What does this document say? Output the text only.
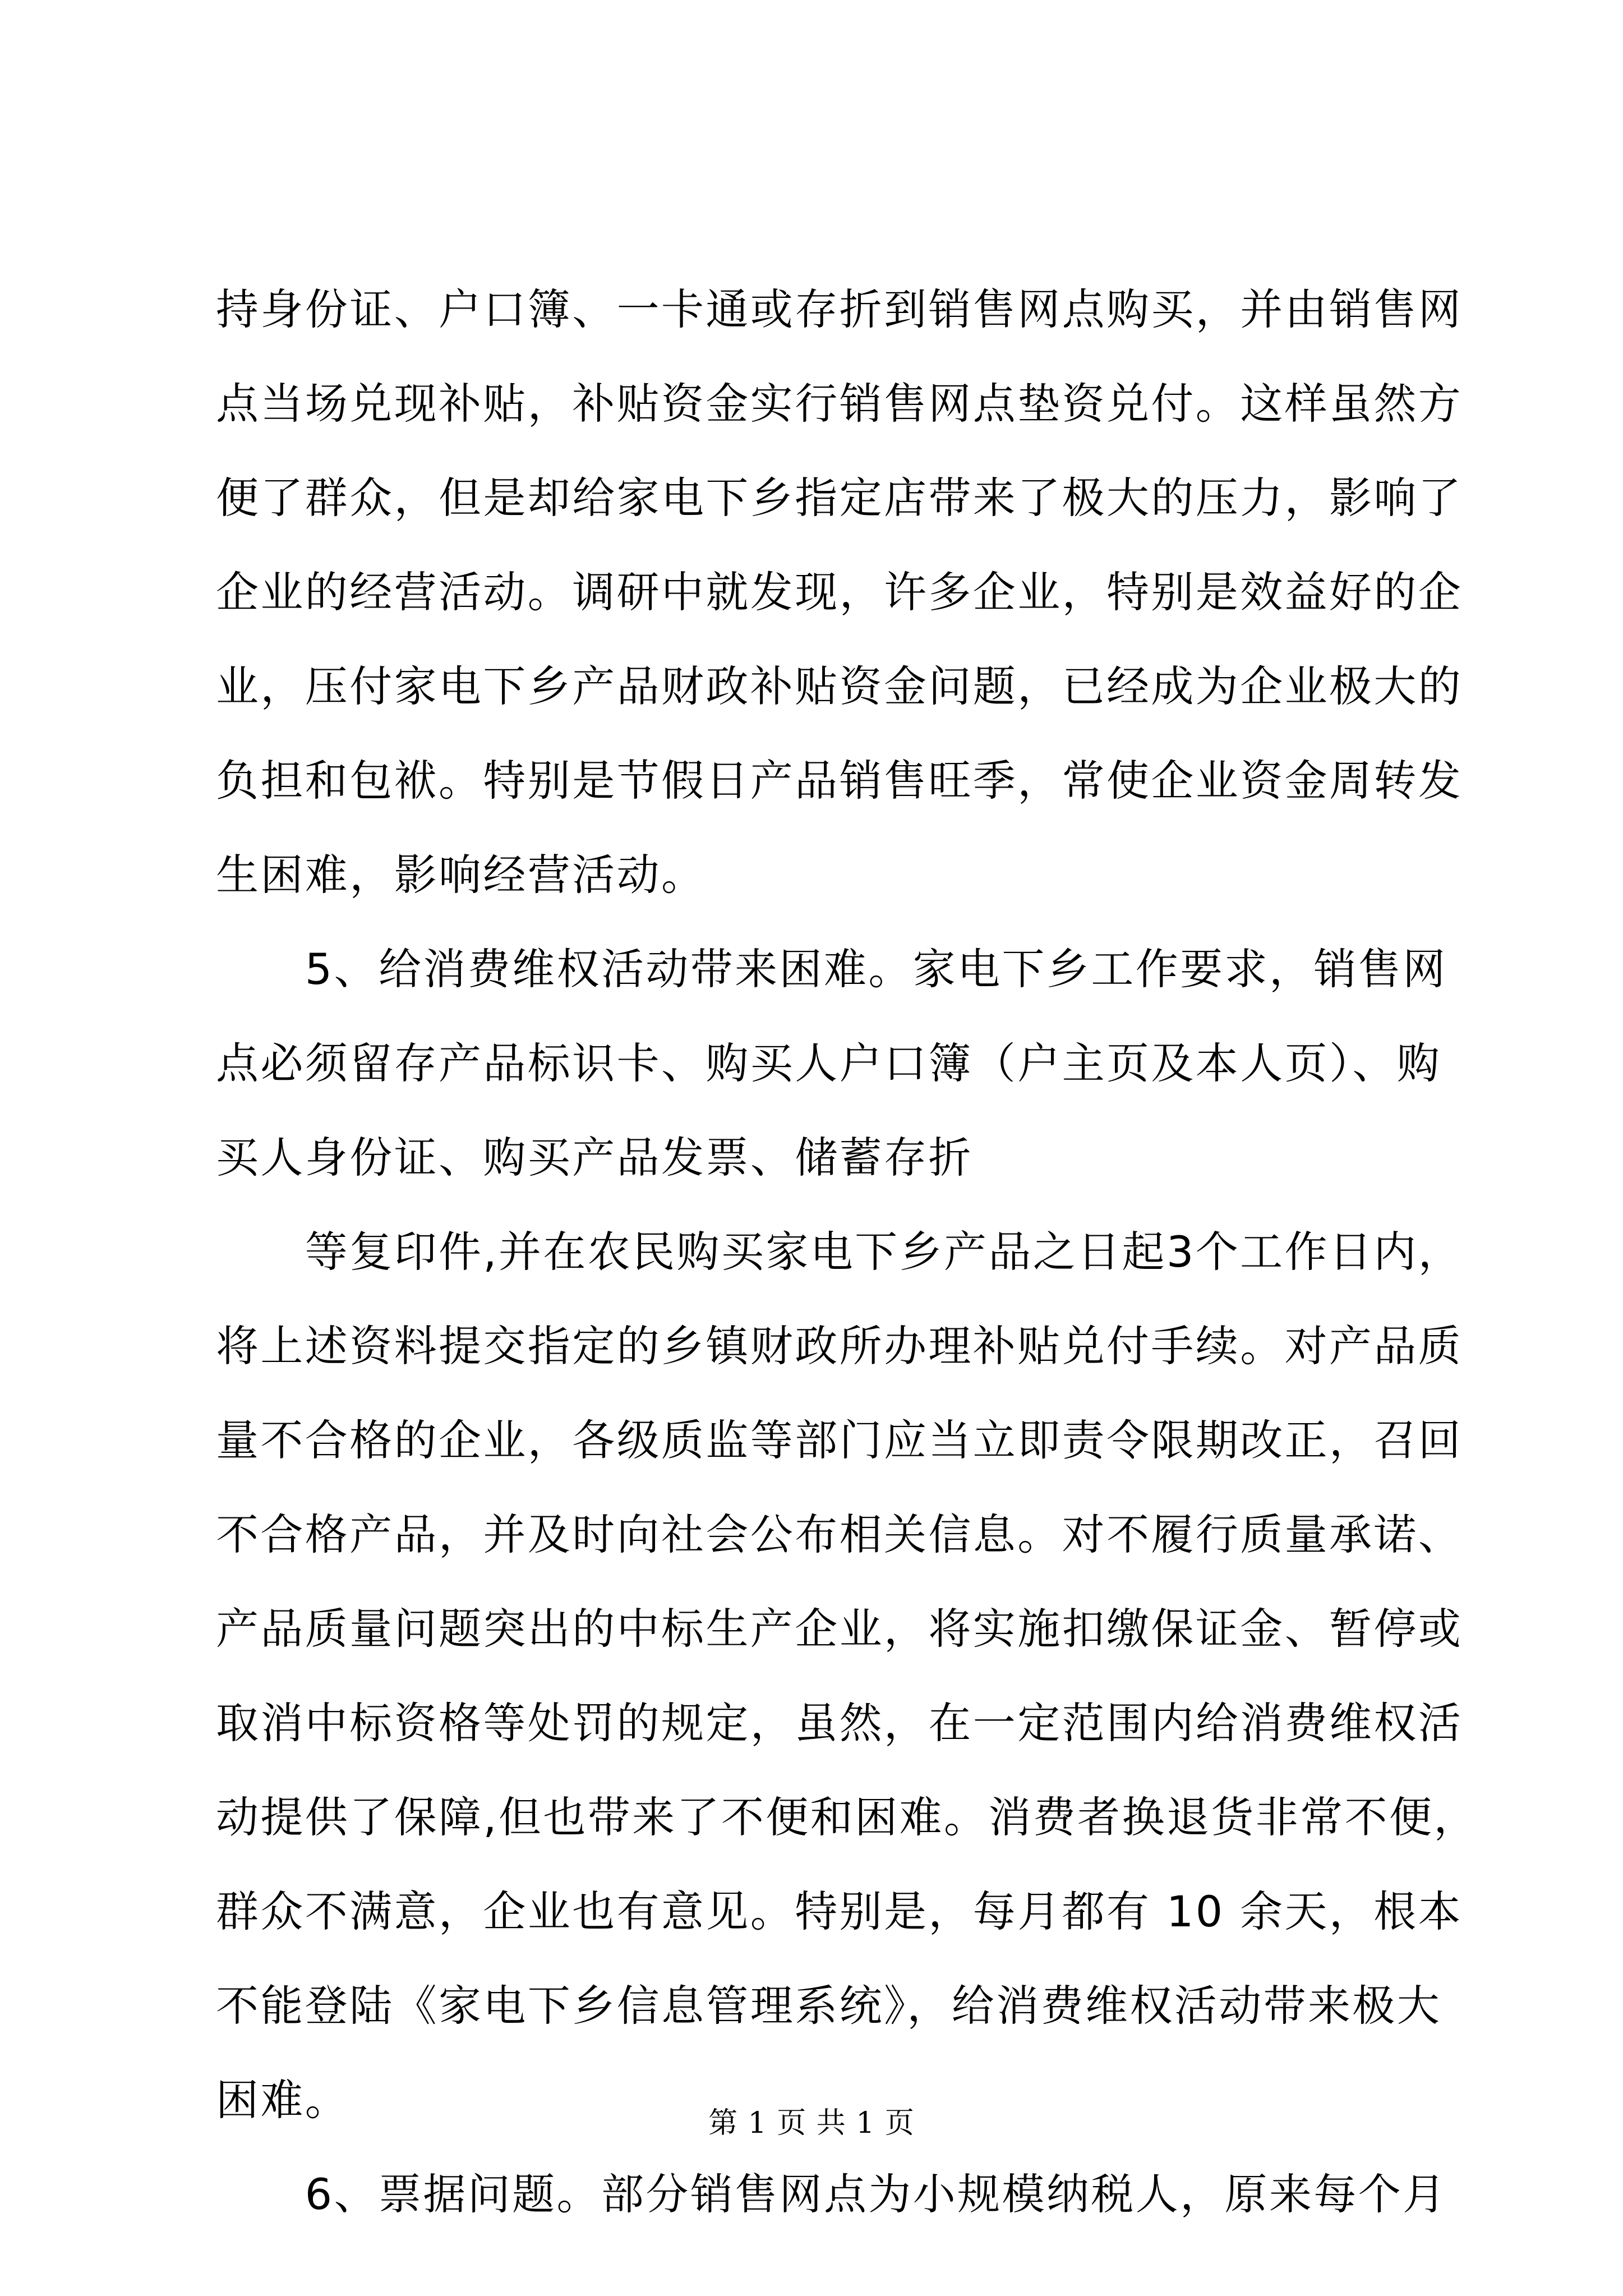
持身份证、户口簿、一卡通或存折到销售网点购买，并由销售网
点当场兑现补贴，补贴资金实行销售网点垫资兑付。这样虽然方
便了群众，但是却给家电下乡指定店带来了极大的压力，影响了
企业的经营活动。调研中就发现，许多企业，特别是效益好的企
业，压付家电下乡产品财政补贴资金问题，已经成为企业极大的
负担和包袱。特别是节假日产品销售旺季，常使企业资金周转发
生困难，影响经营活动。
　　5、给消费维权活动带来困难。家电下乡工作要求，销售网
点必须留存产品标识卡、购买人户口簿（户主页及本人页）、购
买人身份证、购买产品发票、储蓄存折
　　等复印件,并在农民购买家电下乡产品之日起3个工作日内，
将上述资料提交指定的乡镇财政所办理补贴兑付手续。对产品质
量不合格的企业，各级质监等部门应当立即责令限期改正，召回
不合格产品，并及时向社会公布相关信息。对不履行质量承诺、
产品质量问题突出的中标生产企业，将实施扣缴保证金、暂停或
取消中标资格等处罚的规定，虽然，在一定范围内给消费维权活
动提供了保障,但也带来了不便和困难。消费者换退货非常不便，
群众不满意，企业也有意见。特别是，每月都有 10 余天，根本
不能登陆《家电下乡信息管理系统》，给消费维权活动带来极大
困难。
　　6、票据问题。部分销售网点为小规模纳税人，原来每个月
第 1 页 共 1 页
